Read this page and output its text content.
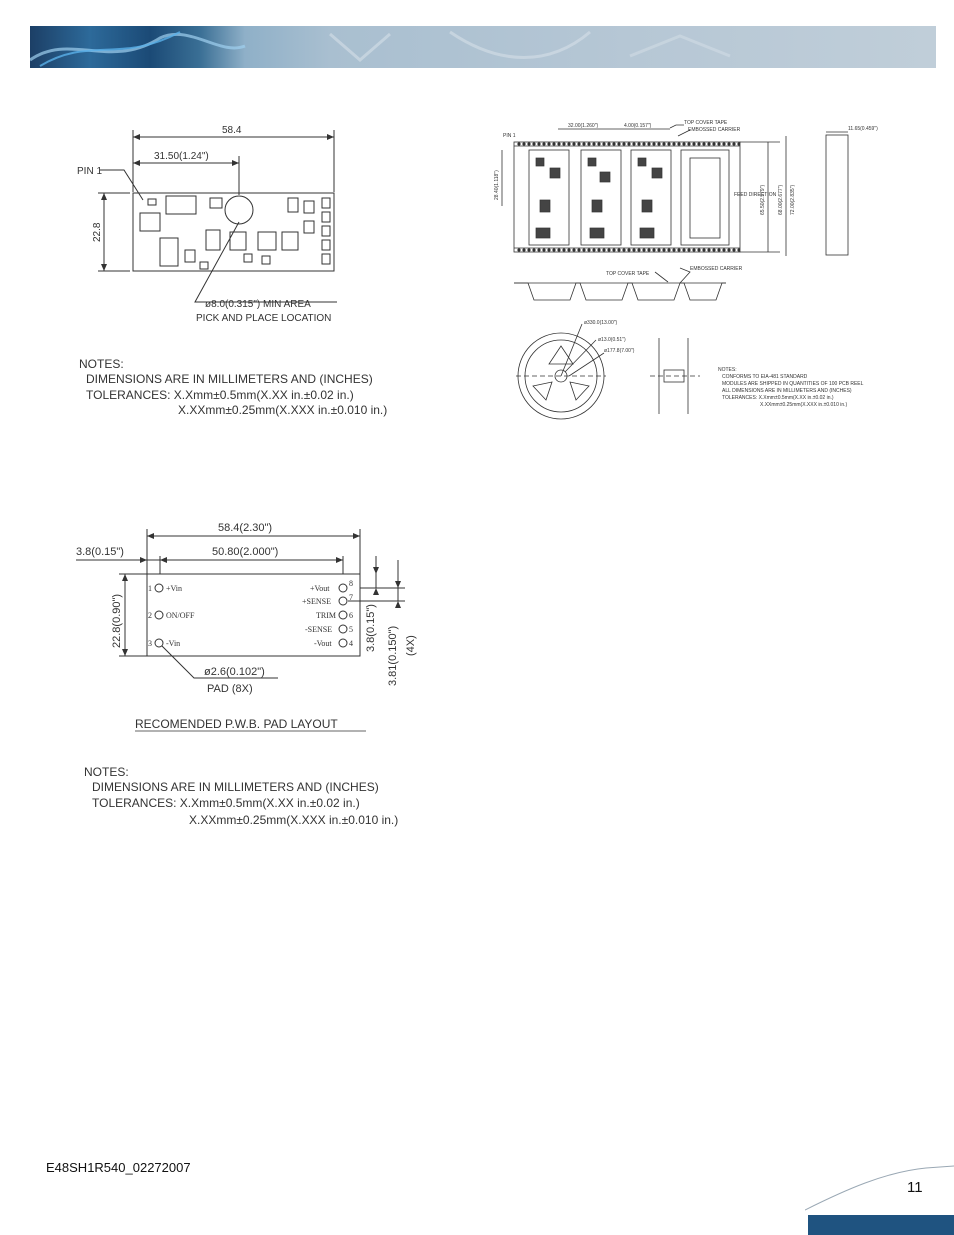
58.4
31.50(1.24")
PIN 1
22.8
ø8.0(0.315") MIN AREA
PICK AND PLACE LOCATION
NOTES:
DIMENSIONS ARE IN MILLIMETERS AND (INCHES)
TOLERANCES: X.Xmm±0.5mm(X.XX in.±0.02 in.)
X.XXmm±0.25mm(X.XXX in.±0.010 in.)
PIN 1
32.00(1.260")	4.00(0.157")	TOP COVER TAPE
EMBOSSED CARRIER
28.40(1.118")	FEED DIRECTION
65.50(2.579") 68.00(2.677") 72.00(2.835")
11.65(0.459")
TOP COVER TAPE
EMBOSSED CARRIER
ø330.0(13.00")
ø13.0(0.51")
ø177.8(7.00")
NOTES:
CONFORMS TO EIA-481 STANDARD
MODULES ARE SHIPPED IN QUANTITIES OF 100 PCB REEL
ALL DIMENSIONS ARE IN MILLIMETERS AND (INCHES)
TOLERANCES: X.Xmm±0.5mm(X.XX in.±0.02 in.)
X.XXmm±0.25mm(X.XXX in.±0.010 in.)
58.4(2.30")
3.8(0.15")	50.80(2.000")
22.8(0.90")	3.8(0.15") 3.81(0.150") (4X)
ø2.6(0.102")
PAD (8X)
RECOMENDED P.W.B. PAD LAYOUT
NOTES:
DIMENSIONS ARE IN MILLIMETERS AND (INCHES)
TOLERANCES: X.Xmm±0.5mm(X.XX in.±0.02 in.)
X.XXmm±0.25mm(X.XXX in.±0.010 in.)
1 +Vin
2 ON/OFF
3 -Vin
8
+Vout
7
+SENSE
6
TRIM
5
-SENSE
4
-Vout
E48SH1R540_02272007
11
